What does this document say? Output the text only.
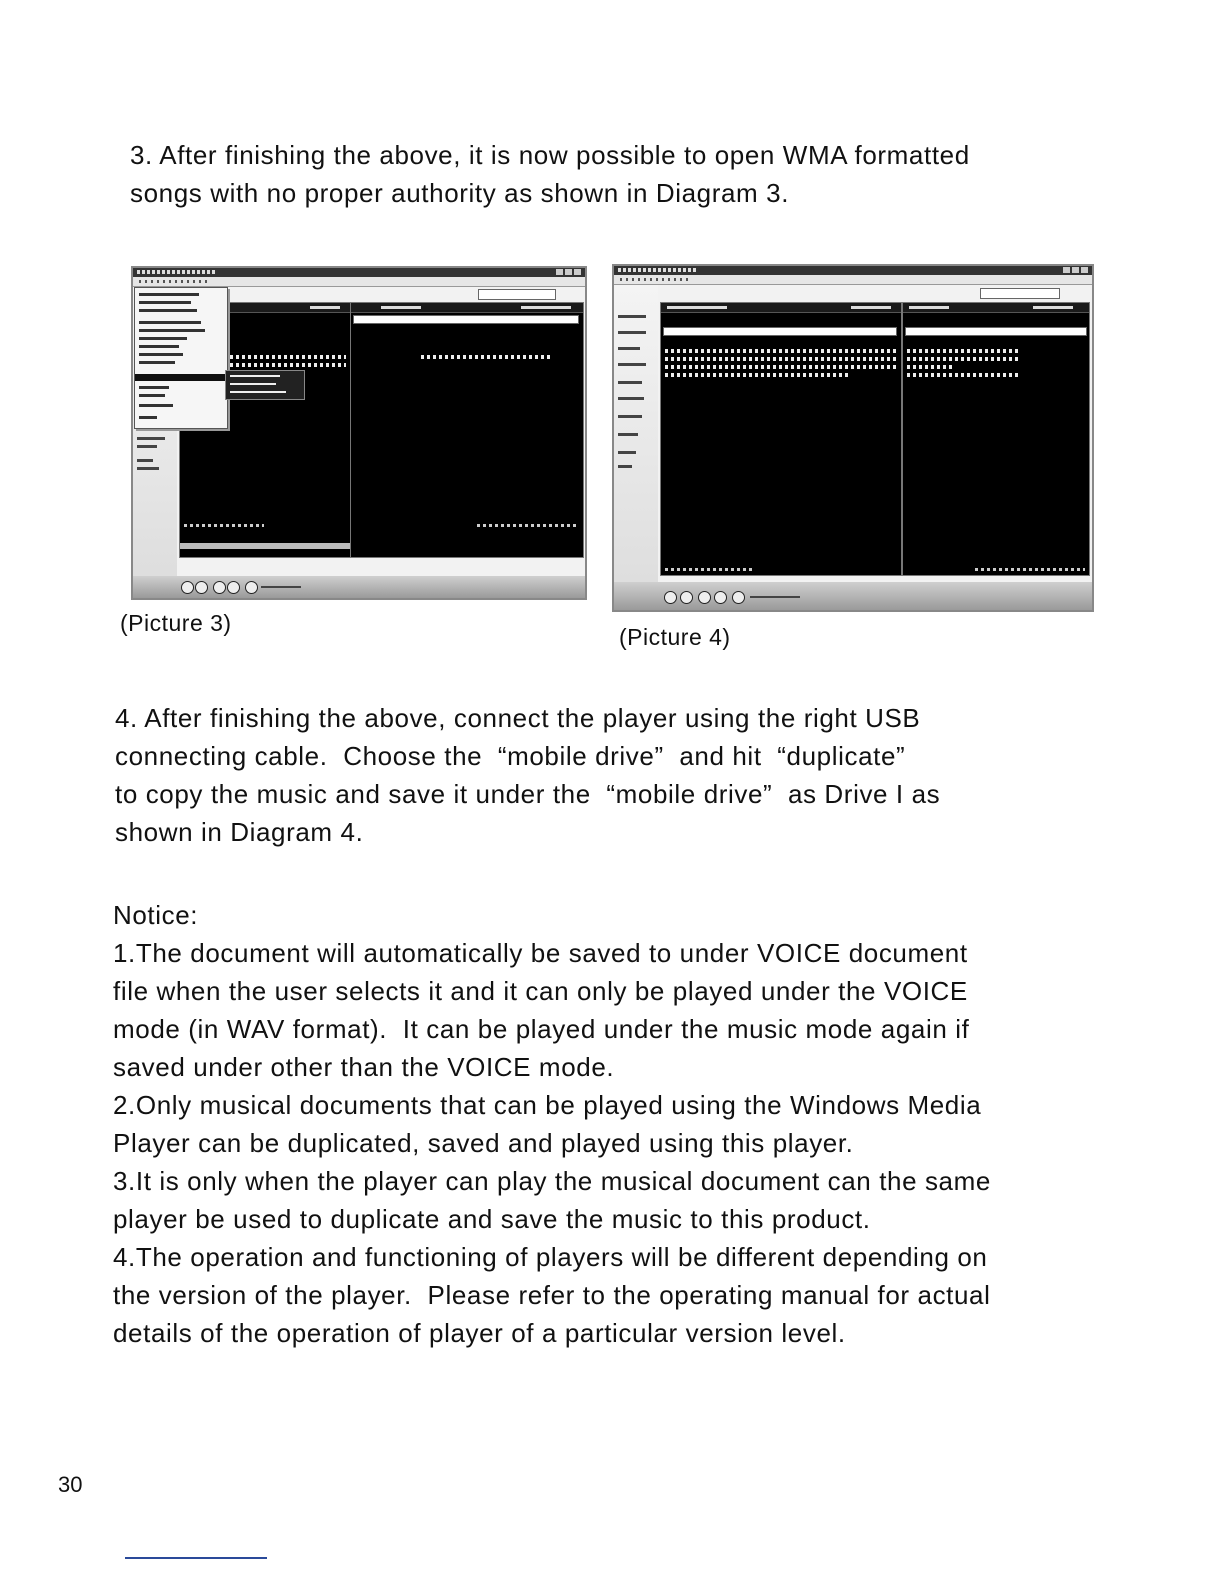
3. After finishing the above, it is now possible to open WMA formatted
songs with no proper authority as shown in Diagram 3.
(Picture 3)
(Picture 4)
4. After finishing the above, connect the player using the right USB
connecting cable.  Choose the  “mobile drive”  and hit  “duplicate”
to copy the music and save it under the  “mobile drive”  as Drive I as
shown in Diagram 4.
Notice:
1.The document will automatically be saved to under VOICE document
file when the user selects it and it can only be played under the VOICE
mode (in WAV format).  It can be played under the music mode again if
saved under other than the VOICE mode.
2.Only musical documents that can be played using the Windows Media
Player can be duplicated, saved and played using this player.
3.It is only when the player can play the musical document can the same
player be used to duplicate and save the music to this product.
4.The operation and functioning of players will be different depending on
the version of the player.  Please refer to the operating manual for actual
details of the operation of player of a particular version level.
30
